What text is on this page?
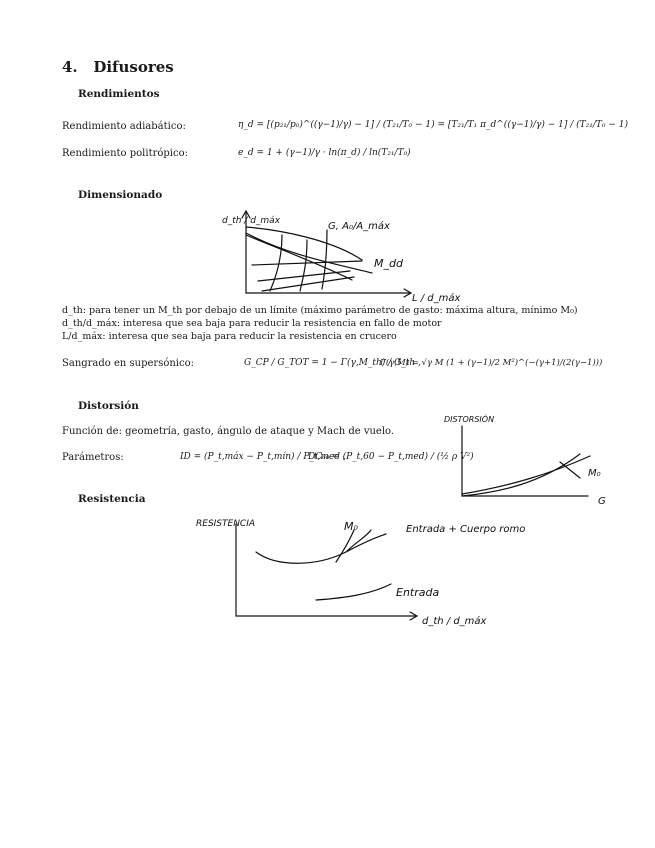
4. Difusores
Rendimientos
Rendimiento adiabático:	η_d = [(p₂₁/p₀)^((γ−1)/γ) − 1] / (T₂₁/T₀ − 1) = [T₂₁/T₁ π_d^((γ−1)/γ) − 1] / (T₂₁/T₀ − 1)
Rendimiento politrópico:	e_d = 1 + (γ−1)/γ · ln(π_d) / ln(T₂₁/T₀)
Dimensionado
d_th / d_máx
L / d_máx
G, A₀/A_máx
M_dd
d_th: para tener un M_th por debajo de un límite (máximo parámetro de gasto: máxima altura, mínimo M₀)
d_th/d_máx: interesa que sea baja para reducir la resistencia en fallo de motor
L/d_máx: interesa que sea baja para reducir la resistencia en crucero
Sangrado en supersónico:	G_CP / G_TOT = 1 − Γ(γ,M_th) / G_th ,
Γ(γ,M) = √γ M (1 + (γ−1)/2 M²)^(−(γ+1)/(2(γ−1)))
Distorsión
Función de: geometría, gasto, ángulo de ataque y Mach de vuelo.
Parámetros:	ID = (P_t,máx − P_t,mín) / P_t,med ,
DC₆₀ = (P_t,60 − P_t,med) / (½ ρ V²)
DISTORSIÓN
G
M₀
Resistencia
RESISTENCIA
d_th / d_máx
M₀	Entrada + Cuerpo romo
Entrada
